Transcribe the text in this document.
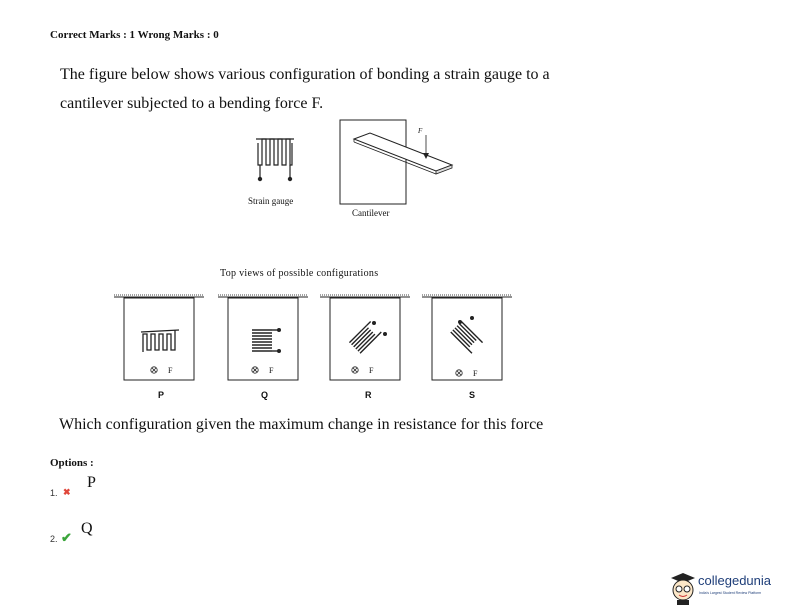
Correct Marks : 1 Wrong Marks : 0
The figure below shows various configuration of bonding a strain gauge to a
cantilever subjected to a bending force F.
F
Strain gauge
Cantilever
Top views of possible configurations
F	F	F	F
P	Q	R	S
Which configuration given the maximum change in resistance for this force
Options :
1. ✖
P
2. ✔
Q
collegedunia
India's Largest Student Review Platform
